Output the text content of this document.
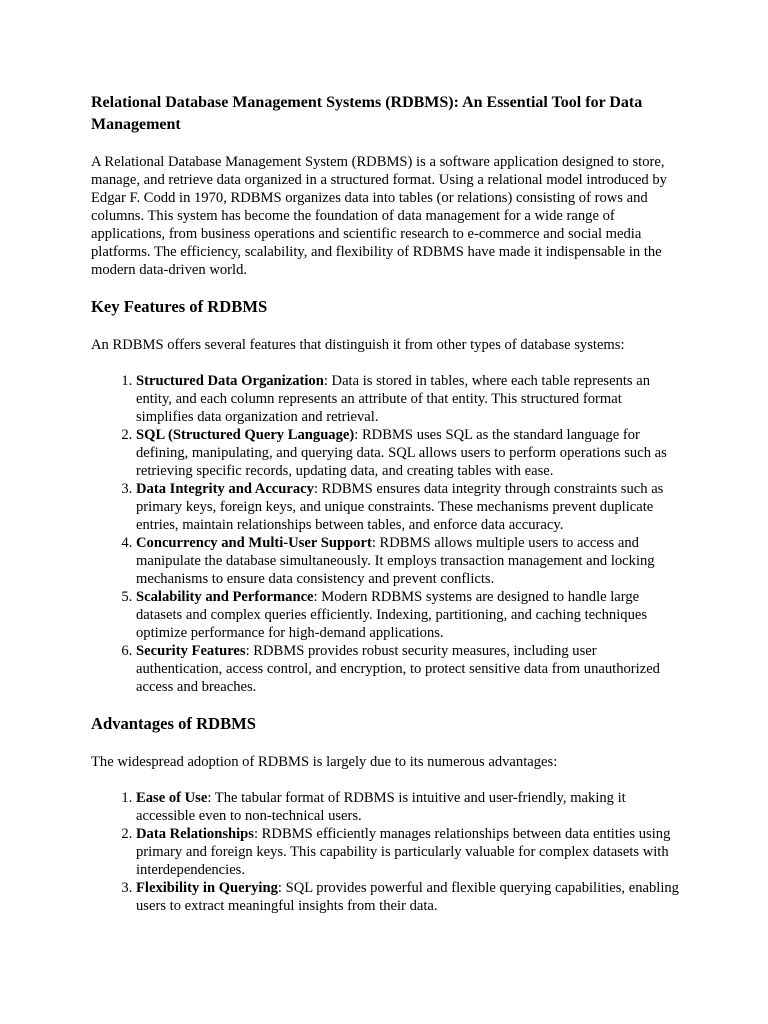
Relational Database Management Systems (RDBMS): An Essential Tool for Data Management

A Relational Database Management System (RDBMS) is a software application designed to store, manage, and retrieve data organized in a structured format. Using a relational model introduced by Edgar F. Codd in 1970, RDBMS organizes data into tables (or relations) consisting of rows and columns. This system has become the foundation of data management for a wide range of applications, from business operations and scientific research to e-commerce and social media platforms. The efficiency, scalability, and flexibility of RDBMS have made it indispensable in the modern data-driven world.

Key Features of RDBMS

An RDBMS offers several features that distinguish it from other types of database systems:

1. Structured Data Organization: Data is stored in tables, where each table represents an entity, and each column represents an attribute of that entity. This structured format simplifies data organization and retrieval.
2. SQL (Structured Query Language): RDBMS uses SQL as the standard language for defining, manipulating, and querying data. SQL allows users to perform operations such as retrieving specific records, updating data, and creating tables with ease.
3. Data Integrity and Accuracy: RDBMS ensures data integrity through constraints such as primary keys, foreign keys, and unique constraints. These mechanisms prevent duplicate entries, maintain relationships between tables, and enforce data accuracy.
4. Concurrency and Multi-User Support: RDBMS allows multiple users to access and manipulate the database simultaneously. It employs transaction management and locking mechanisms to ensure data consistency and prevent conflicts.
5. Scalability and Performance: Modern RDBMS systems are designed to handle large datasets and complex queries efficiently. Indexing, partitioning, and caching techniques optimize performance for high-demand applications.
6. Security Features: RDBMS provides robust security measures, including user authentication, access control, and encryption, to protect sensitive data from unauthorized access and breaches.
Advantages of RDBMS

The widespread adoption of RDBMS is largely due to its numerous advantages:

1. Ease of Use: The tabular format of RDBMS is intuitive and user-friendly, making it accessible even to non-technical users.
2. Data Relationships: RDBMS efficiently manages relationships between data entities using primary and foreign keys. This capability is particularly valuable for complex datasets with interdependencies.
3. Flexibility in Querying: SQL provides powerful and flexible querying capabilities, enabling users to extract meaningful insights from their data.
